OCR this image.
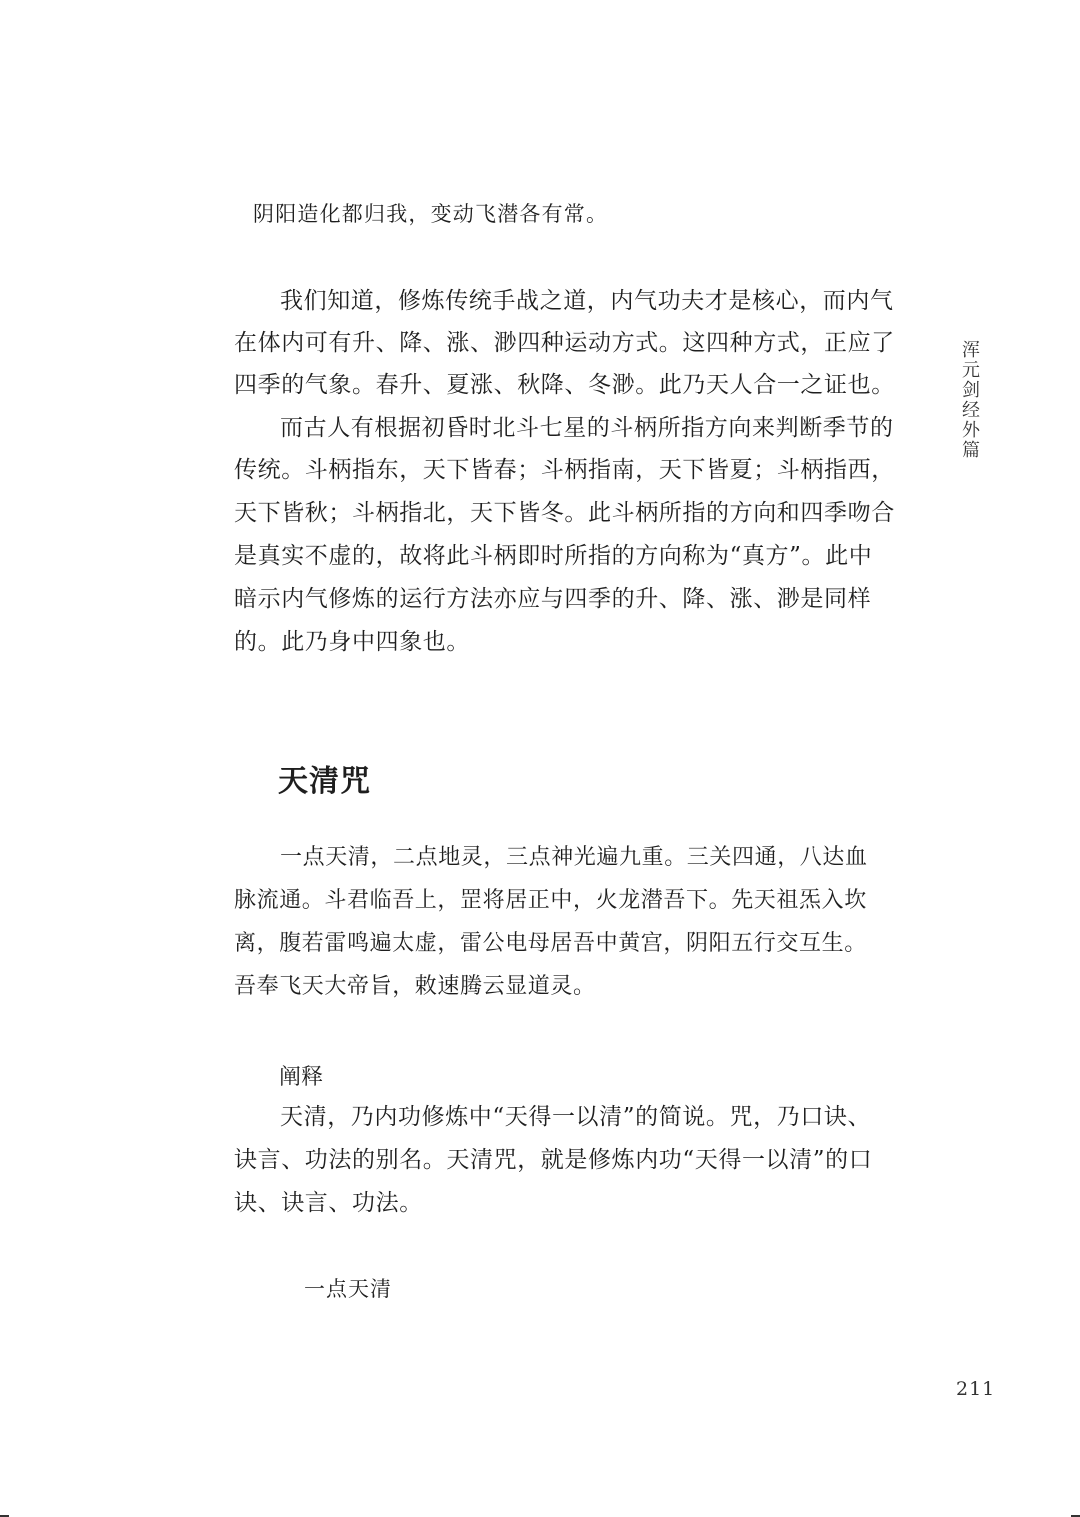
阴阳造化都归我，变动飞潜各有常。
我们知道，修炼传统手战之道，内气功夫才是核心，而内气
在体内可有升、降、涨、渺四种运动方式。这四种方式，正应了
四季的气象。春升、夏涨、秋降、冬渺。此乃天人合一之证也。
而古人有根据初昏时北斗七星的斗柄所指方向来判断季节的
传统。斗柄指东，天下皆春；斗柄指南，天下皆夏；斗柄指西，
天下皆秋；斗柄指北，天下皆冬。此斗柄所指的方向和四季吻合
是真实不虚的，故将此斗柄即时所指的方向称为“真方”。此中
暗示内气修炼的运行方法亦应与四季的升、降、涨、渺是同样
的。此乃身中四象也。
天清咒
一点天清，二点地灵，三点神光遍九重。三关四通，八达血
脉流通。斗君临吾上，罡将居正中，火龙潜吾下。先天祖炁入坎
离，腹若雷鸣遍太虚，雷公电母居吾中黄宫，阴阳五行交互生。
吾奉飞天大帝旨，敕速腾云显道灵。
阐释
天清，乃内功修炼中“天得一以清”的简说。咒，乃口诀、
诀言、功法的别名。天清咒，就是修炼内功“天得一以清”的口
诀、诀言、功法。
一点天清
浑元剑经外篇
211
